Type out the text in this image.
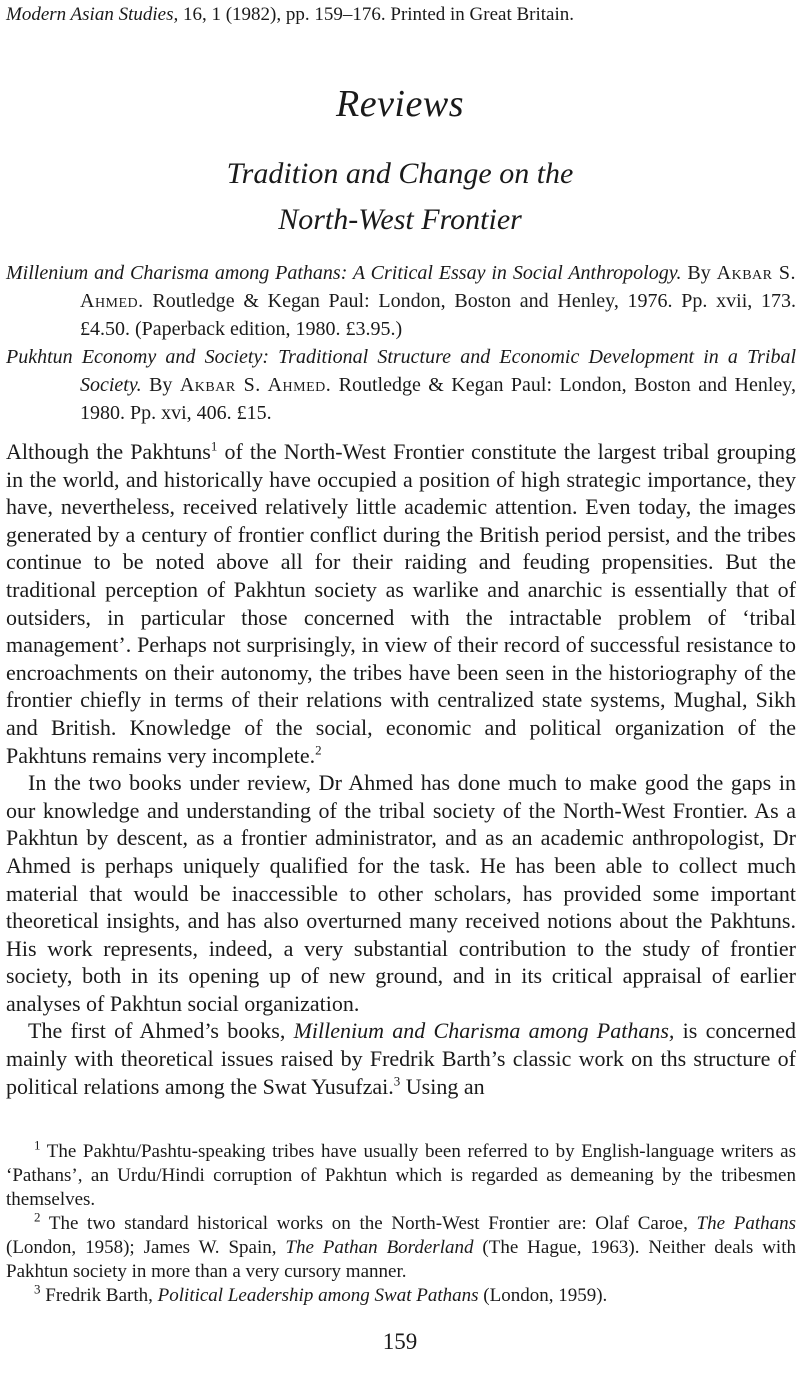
Modern Asian Studies, 16, 1 (1982), pp. 159–176. Printed in Great Britain.
Reviews
Tradition and Change on the
North-West Frontier
Millenium and Charisma among Pathans: A Critical Essay in Social Anthropology. By Akbar S. Ahmed. Routledge & Kegan Paul: London, Boston and Henley, 1976. Pp. xvii, 173. £4.50. (Paperback edition, 1980. £3.95.)
Pukhtun Economy and Society: Traditional Structure and Economic Development in a Tribal Society. By Akbar S. Ahmed. Routledge & Kegan Paul: London, Boston and Henley, 1980. Pp. xvi, 406. £15.

Although the Pakhtuns$^1$ of the North-West Frontier constitute the largest tribal grouping in the world, and historically have occupied a position of high strategic importance, they have, nevertheless, received relatively little academic attention. Even today, the images generated by a century of frontier conflict during the British period persist, and the tribes continue to be noted above all for their raiding and feuding propensities. But the traditional perception of Pakhtun society as warlike and anarchic is essentially that of outsiders, in particular those concerned with the intractable problem of ‘tribal management’. Perhaps not surprisingly, in view of their record of successful resistance to encroachments on their autonomy, the tribes have been seen in the historiography of the frontier chiefly in terms of their relations with centralized state systems, Mughal, Sikh and British. Knowledge of the social, economic and political organization of the Pakhtuns remains very incomplete.$^2$

In the two books under review, Dr Ahmed has done much to make good the gaps in our knowledge and understanding of the tribal society of the North-West Frontier. As a Pakhtun by descent, as a frontier administrator, and as an academic anthropologist, Dr Ahmed is perhaps uniquely qualified for the task. He has been able to collect much material that would be inaccessible to other scholars, has provided some important theoretical insights, and has also overturned many received notions about the Pakhtuns. His work represents, indeed, a very substantial contribution to the study of frontier society, both in its opening up of new ground, and in its critical appraisal of earlier analyses of Pakhtun social organization.

The first of Ahmed’s books, Millenium and Charisma among Pathans, is concerned mainly with theoretical issues raised by Fredrik Barth’s classic work on ths structure of political relations among the Swat Yusufzai.$^3$ Using an

$^1$ The Pakhtu/Pashtu-speaking tribes have usually been referred to by English-language writers as ‘Pathans’, an Urdu/Hindi corruption of Pakhtun which is regarded as demeaning by the tribesmen themselves.

$^2$ The two standard historical works on the North-West Frontier are: Olaf Caroe, The Pathans (London, 1958); James W. Spain, The Pathan Borderland (The Hague, 1963). Neither deals with Pakhtun society in more than a very cursory manner.

$^3$ Fredrik Barth, Political Leadership among Swat Pathans (London, 1959).

159
